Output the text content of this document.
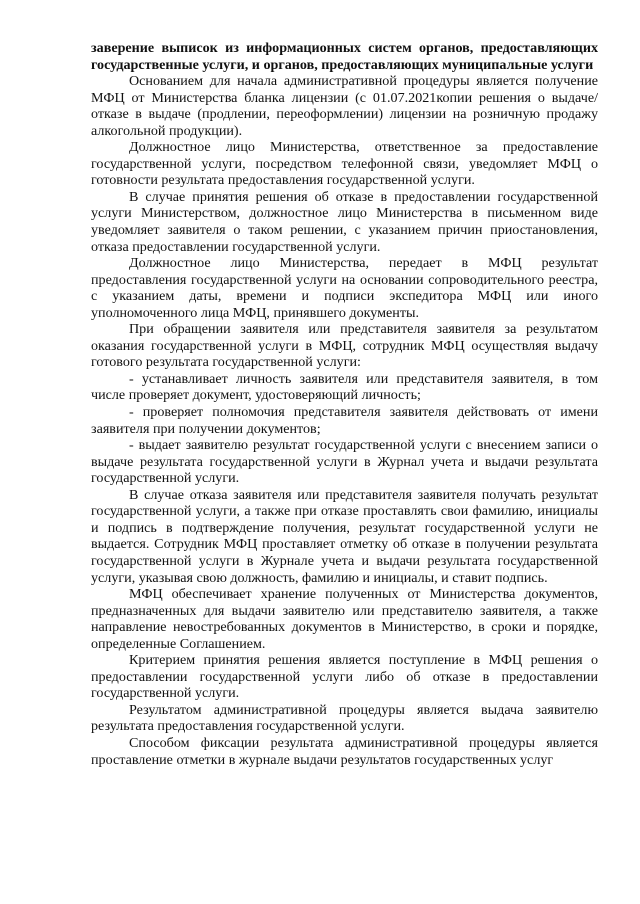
заверение выписок из информационных систем органов, предоставляющих государственные услуги, и органов, предоставляющих муниципальные услуги

Основанием для начала административной процедуры является получение МФЦ от Министерства бланка лицензии (с 01.07.2021копии решения о выдаче/отказе в выдаче (продлении, переоформлении) лицензии на розничную продажу алкогольной продукции).

Должностное лицо Министерства, ответственное за предоставление государственной услуги, посредством телефонной связи, уведомляет МФЦ о готовности результата предоставления государственной услуги.

В случае принятия решения об отказе в предоставлении государственной услуги Министерством, должностное лицо Министерства в письменном виде уведомляет заявителя о таком решении, с указанием причин приостановления, отказа предоставлении государственной услуги.

Должностное лицо Министерства, передает в МФЦ результат предоставления государственной услуги на основании сопроводительного реестра, с указанием даты, времени и подписи экспедитора МФЦ или иного уполномоченного лица МФЦ, принявшего документы.

При обращении заявителя или представителя заявителя за результатом оказания государственной услуги в МФЦ, сотрудник МФЦ осуществляя выдачу готового результата государственной услуги:

- устанавливает личность заявителя или представителя заявителя, в том числе проверяет документ, удостоверяющий личность;

- проверяет полномочия представителя заявителя действовать от имени заявителя при получении документов;

- выдает заявителю результат государственной услуги с внесением записи о выдаче результата государственной услуги в Журнал учета и выдачи результата государственной услуги.

В случае отказа заявителя или представителя заявителя получать результат государственной услуги, а также при отказе проставлять свои фамилию, инициалы и подпись в подтверждение получения, результат государственной услуги не выдается. Сотрудник МФЦ проставляет отметку об отказе в получении результата государственной услуги в Журнале учета и выдачи результата государственной услуги, указывая свою должность, фамилию и инициалы, и ставит подпись.

МФЦ обеспечивает хранение полученных от Министерства документов, предназначенных для выдачи заявителю или представителю заявителя, а также направление невостребованных документов в Министерство, в сроки и порядке, определенные Соглашением.

Критерием принятия решения является поступление в МФЦ решения о предоставлении государственной услуги либо об отказе в предоставлении государственной услуги.

Результатом административной процедуры является выдача заявителю результата предоставления государственной услуги.

Способом фиксации результата административной процедуры является проставление отметки в журнале выдачи результатов государственных услуг
